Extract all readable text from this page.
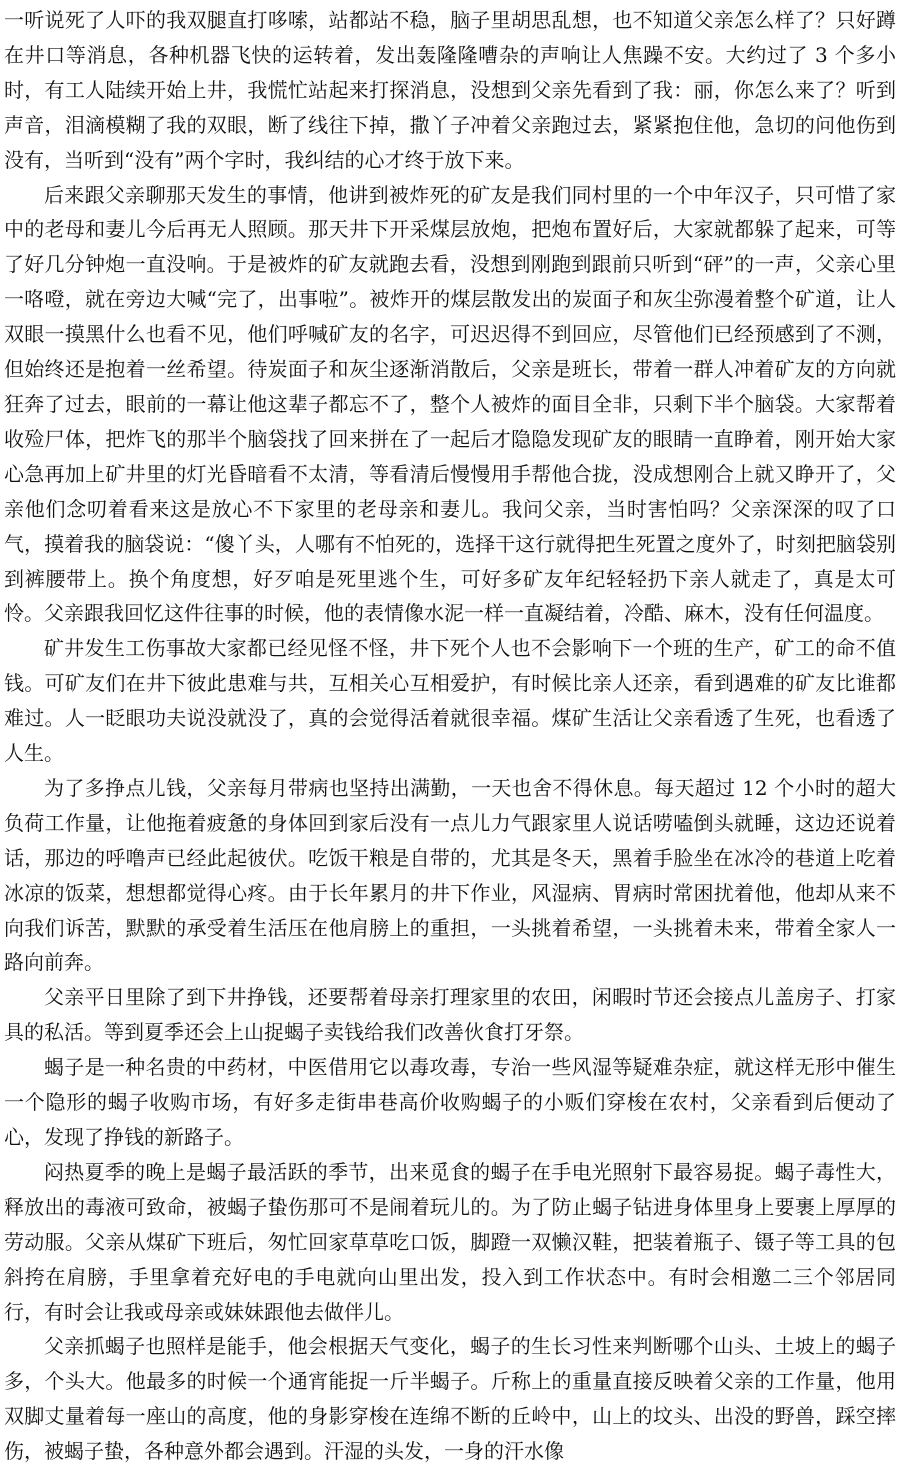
一听说死了人吓的我双腿直打哆嗦，站都站不稳，脑子里胡思乱想，也不知道父亲怎么样了？只好蹲在井口等消息，各种机器飞快的运转着，发出轰隆隆嘈杂的声响让人焦躁不安。大约过了 3 个多小时，有工人陆续开始上井，我慌忙站起来打探消息，没想到父亲先看到了我：丽，你怎么来了？听到声音，泪滴模糊了我的双眼，断了线往下掉，撒丫子冲着父亲跑过去，紧紧抱住他，急切的问他伤到没有，当听到“没有”两个字时，我纠结的心才终于放下来。

后来跟父亲聊那天发生的事情，他讲到被炸死的矿友是我们同村里的一个中年汉子，只可惜了家中的老母和妻儿今后再无人照顾。那天井下开采煤层放炮，把炮布置好后，大家就都躲了起来，可等了好几分钟炮一直没响。于是被炸的矿友就跑去看，没想到刚跑到跟前只听到“砰”的一声，父亲心里一咯噔，就在旁边大喊“完了，出事啦”。被炸开的煤层散发出的炭面子和灰尘弥漫着整个矿道，让人双眼一摸黑什么也看不见，他们呼喊矿友的名字，可迟迟得不到回应，尽管他们已经预感到了不测，但始终还是抱着一丝希望。待炭面子和灰尘逐渐消散后，父亲是班长，带着一群人冲着矿友的方向就狂奔了过去，眼前的一幕让他这辈子都忘不了，整个人被炸的面目全非，只剩下半个脑袋。大家帮着收殓尸体，把炸飞的那半个脑袋找了回来拼在了一起后才隐隐发现矿友的眼睛一直睁着，刚开始大家心急再加上矿井里的灯光昏暗看不太清，等看清后慢慢用手帮他合拢，没成想刚合上就又睁开了，父亲他们念叨着看来这是放心不下家里的老母亲和妻儿。我问父亲，当时害怕吗？父亲深深的叹了口气，摸着我的脑袋说：“傻丫头，人哪有不怕死的，选择干这行就得把生死置之度外了，时刻把脑袋别到裤腰带上。换个角度想，好歹咱是死里逃个生，可好多矿友年纪轻轻扔下亲人就走了，真是太可怜。父亲跟我回忆这件往事的时候，他的表情像水泥一样一直凝结着，冷酷、麻木，没有任何温度。

矿井发生工伤事故大家都已经见怪不怪，井下死个人也不会影响下一个班的生产，矿工的命不值钱。可矿友们在井下彼此患难与共，互相关心互相爱护，有时候比亲人还亲，看到遇难的矿友比谁都难过。人一眨眼功夫说没就没了，真的会觉得活着就很幸福。煤矿生活让父亲看透了生死，也看透了人生。

为了多挣点儿钱，父亲每月带病也坚持出满勤，一天也舍不得休息。每天超过 12 个小时的超大负荷工作量，让他拖着疲惫的身体回到家后没有一点儿力气跟家里人说话唠嗑倒头就睡，这边还说着话，那边的呼噜声已经此起彼伏。吃饭干粮是自带的，尤其是冬天，黑着手脸坐在冰冷的巷道上吃着冰凉的饭菜，想想都觉得心疼。由于长年累月的井下作业，风湿病、胃病时常困扰着他，他却从来不向我们诉苦，默默的承受着生活压在他肩膀上的重担，一头挑着希望，一头挑着未来，带着全家人一路向前奔。

父亲平日里除了到下井挣钱，还要帮着母亲打理家里的农田，闲暇时节还会接点儿盖房子、打家具的私活。等到夏季还会上山捉蝎子卖钱给我们改善伙食打牙祭。

蝎子是一种名贵的中药材，中医借用它以毒攻毒，专治一些风湿等疑难杂症，就这样无形中催生一个隐形的蝎子收购市场，有好多走街串巷高价收购蝎子的小贩们穿梭在农村，父亲看到后便动了心，发现了挣钱的新路子。

闷热夏季的晚上是蝎子最活跃的季节，出来觅食的蝎子在手电光照射下最容易捉。蝎子毒性大，释放出的毒液可致命，被蝎子蛰伤那可不是闹着玩儿的。为了防止蝎子钻进身体里身上要裹上厚厚的劳动服。父亲从煤矿下班后，匆忙回家草草吃口饭，脚蹬一双懒汉鞋，把装着瓶子、镊子等工具的包斜挎在肩膀，手里拿着充好电的手电就向山里出发，投入到工作状态中。有时会相邀二三个邻居同行，有时会让我或母亲或妹妹跟他去做伴儿。

父亲抓蝎子也照样是能手，他会根据天气变化，蝎子的生长习性来判断哪个山头、土坡上的蝎子多，个头大。他最多的时候一个通宵能捉一斤半蝎子。斤称上的重量直接反映着父亲的工作量，他用双脚丈量着每一座山的高度，他的身影穿梭在连绵不断的丘岭中，山上的坟头、出没的野兽，踩空摔伤，被蝎子蛰，各种意外都会遇到。汗湿的头发，一身的汗水像
